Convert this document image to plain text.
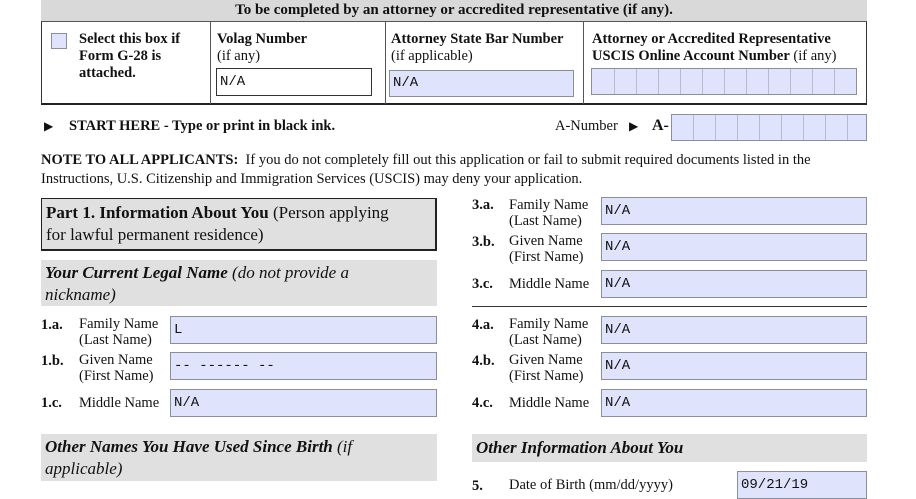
To be completed by an attorney or accredited representative (if any).
Select this box if
Form G-28 is
attached.
Volag Number
(if any)
N/A
Attorney State Bar Number
(if applicable)
N/A
Attorney or Accredited Representative
USCIS Online Account Number (if any)
▶ START HERE - Type or print in black ink.	A-Number ▶ A-
NOTE TO ALL APPLICANTS: If you do not completely fill out this application or fail to submit required documents listed in the
Instructions, U.S. Citizenship and Immigration Services (USCIS) may deny your application.
Part 1. Information About You (Person applying
for lawful permanent residence)
Your Current Legal Name (do not provide a
nickname)
1.a. Family Name
(Last Name)
L
1.b. Given Name
(First Name)
-- ------ --
1.c. Middle Name N/A
Other Names You Have Used Since Birth (if
applicable)
3.a. Family Name
(Last Name)
N/A
3.b. Given Name
(First Name)
N/A
3.c. Middle Name N/A
4.a. Family Name
(Last Name)
N/A
4.b. Given Name
(First Name)
N/A
4.c. Middle Name N/A
Other Information About You
5. Date of Birth (mm/dd/yyyy)	09/21/19
